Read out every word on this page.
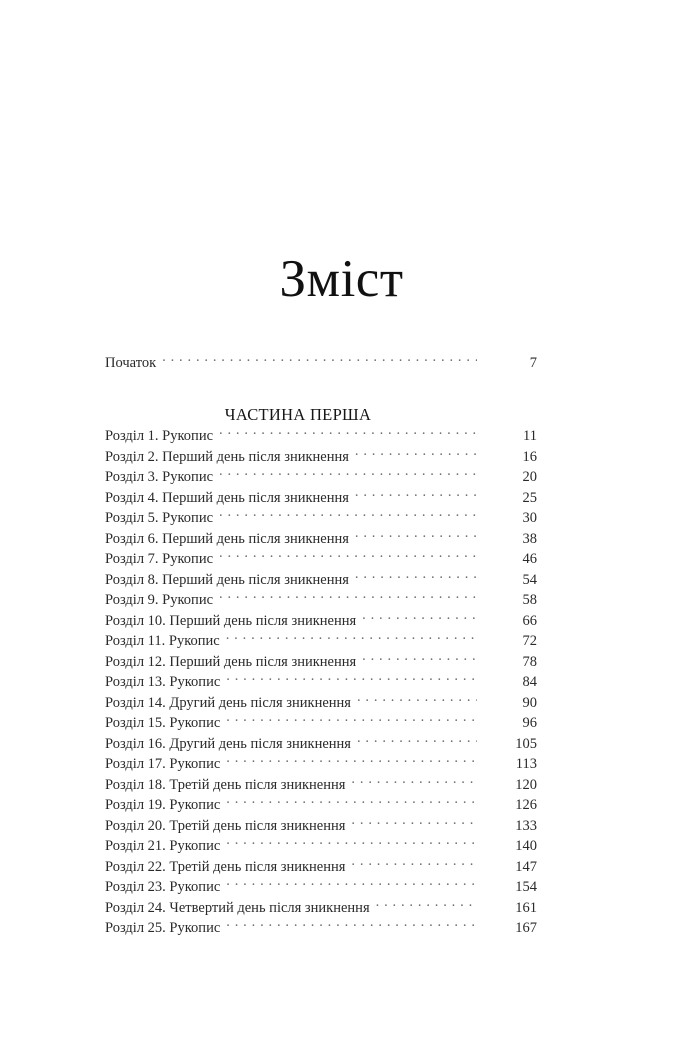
Зміст
Початок . . .	7
ЧАСТИНА ПЕРША
Розділ 1. Рукопис . . .	11
Розділ 2. Перший день після зникнення . . .	16
Розділ 3. Рукопис . . .	20
Розділ 4. Перший день після зникнення . . .	25
Розділ 5. Рукопис . . .	30
Розділ 6. Перший день після зникнення . . .	38
Розділ 7. Рукопис . . .	46
Розділ 8. Перший день після зникнення . . .	54
Розділ 9. Рукопис . . .	58
Розділ 10. Перший день після зникнення . . .	66
Розділ 11. Рукопис . . .	72
Розділ 12. Перший день після зникнення . . .	78
Розділ 13. Рукопис . . .	84
Розділ 14. Другий день після зникнення . . .	90
Розділ 15. Рукопис . . .	96
Розділ 16. Другий день після зникнення . . .	105
Розділ 17. Рукопис . . .	113
Розділ 18. Третій день після зникнення . . .	120
Розділ 19. Рукопис . . .	126
Розділ 20. Третій день після зникнення . . .	133
Розділ 21. Рукопис . . .	140
Розділ 22. Третій день після зникнення . . .	147
Розділ 23. Рукопис . . .	154
Розділ 24. Четвертий день після зникнення . . .	161
Розділ 25. Рукопис . . .	167
